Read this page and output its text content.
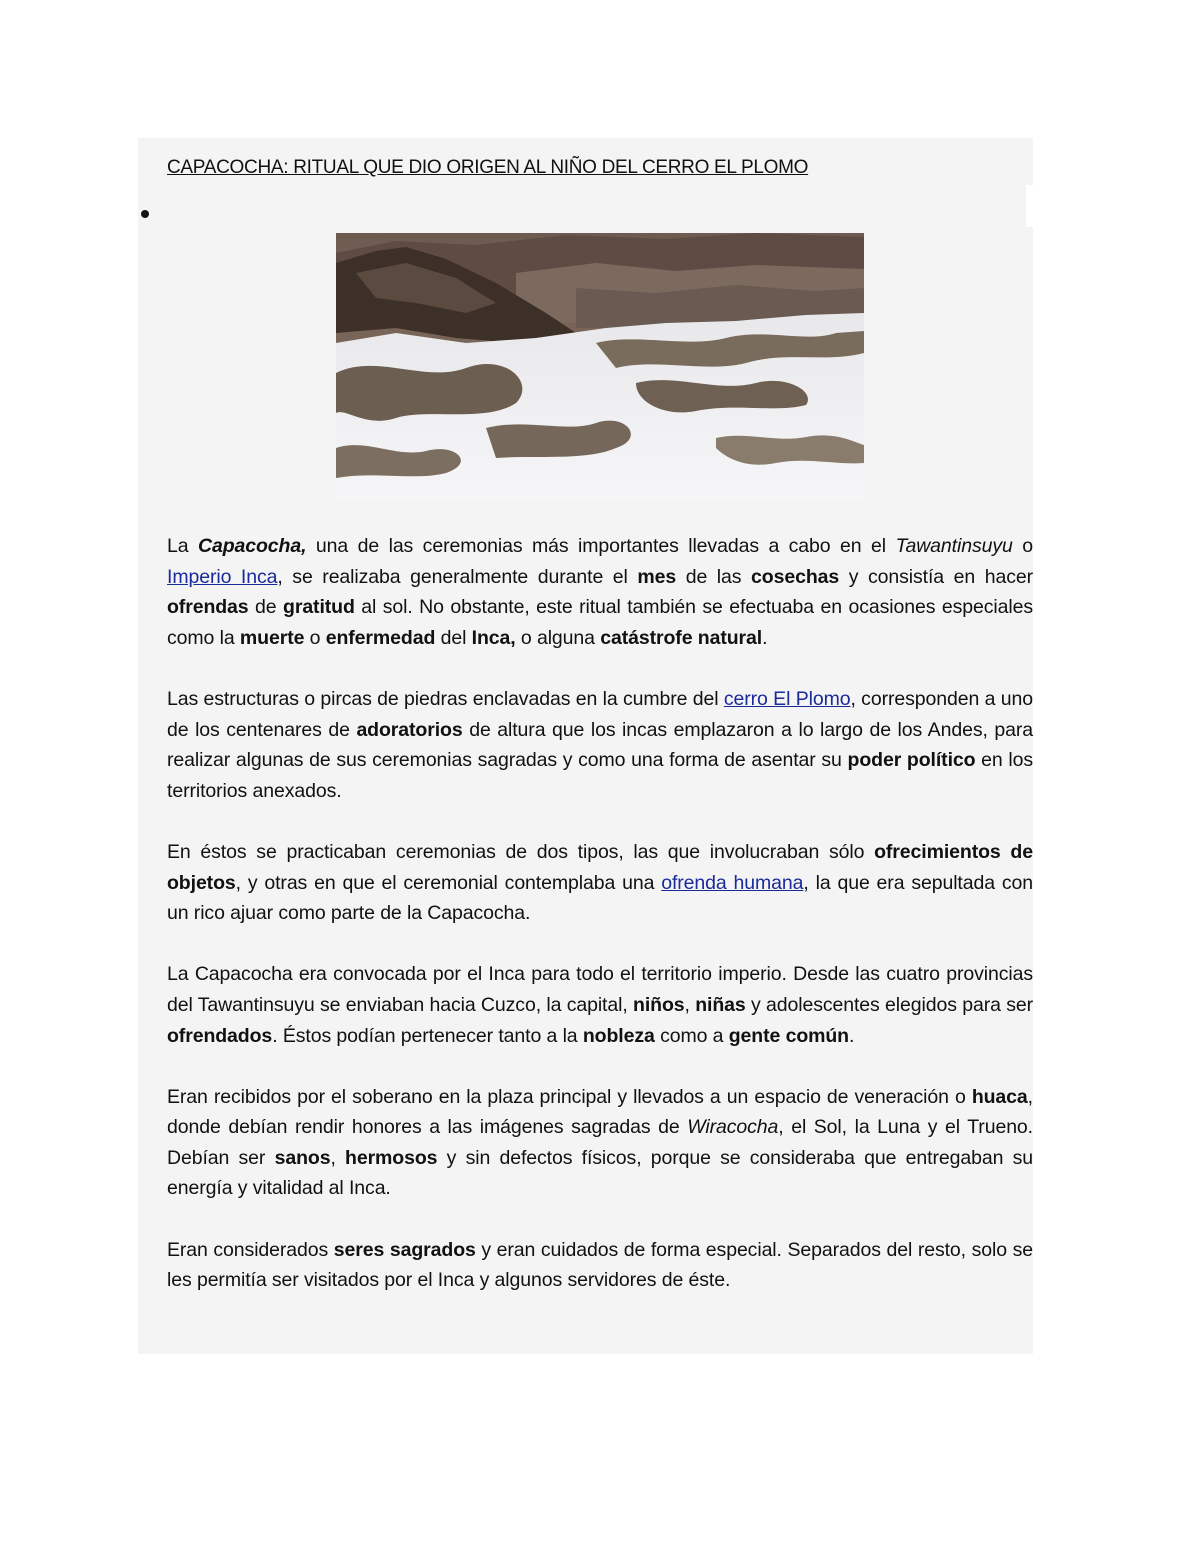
CAPACOCHA: RITUAL QUE DIO ORIGEN AL NIÑO DEL CERRO EL PLOMO

La Capacocha, una de las ceremonias más importantes llevadas a cabo en el Tawantinsuyu o Imperio Inca, se realizaba generalmente durante el mes de las cosechas y consistía en hacer ofrendas de gratitud al sol. No obstante, este ritual también se efectuaba en ocasiones especiales como la muerte o enfermedad del Inca, o alguna catástrofe natural.

Las estructuras o pircas de piedras enclavadas en la cumbre del cerro El Plomo, corresponden a uno de los centenares de adoratorios de altura que los incas emplazaron a lo largo de los Andes, para realizar algunas de sus ceremonias sagradas y como una forma de asentar su poder político en los territorios anexados.

En éstos se practicaban ceremonias de dos tipos, las que involucraban sólo ofrecimientos de objetos, y otras en que el ceremonial contemplaba una ofrenda humana, la que era sepultada con un rico ajuar como parte de la Capacocha.

La Capacocha era convocada por el Inca para todo el territorio imperio. Desde las cuatro provincias del Tawantinsuyu se enviaban hacia Cuzco, la capital, niños, niñas y adolescentes elegidos para ser ofrendados. Éstos podían pertenecer tanto a la nobleza como a gente común.

Eran recibidos por el soberano en la plaza principal y llevados a un espacio de veneración o huaca, donde debían rendir honores a las imágenes sagradas de Wiracocha, el Sol, la Luna y el Trueno. Debían ser sanos, hermosos y sin defectos físicos, porque se consideraba que entregaban su energía y vitalidad al Inca.

Eran considerados seres sagrados y eran cuidados de forma especial. Separados del resto, solo se les permitía ser visitados por el Inca y algunos servidores de éste.
